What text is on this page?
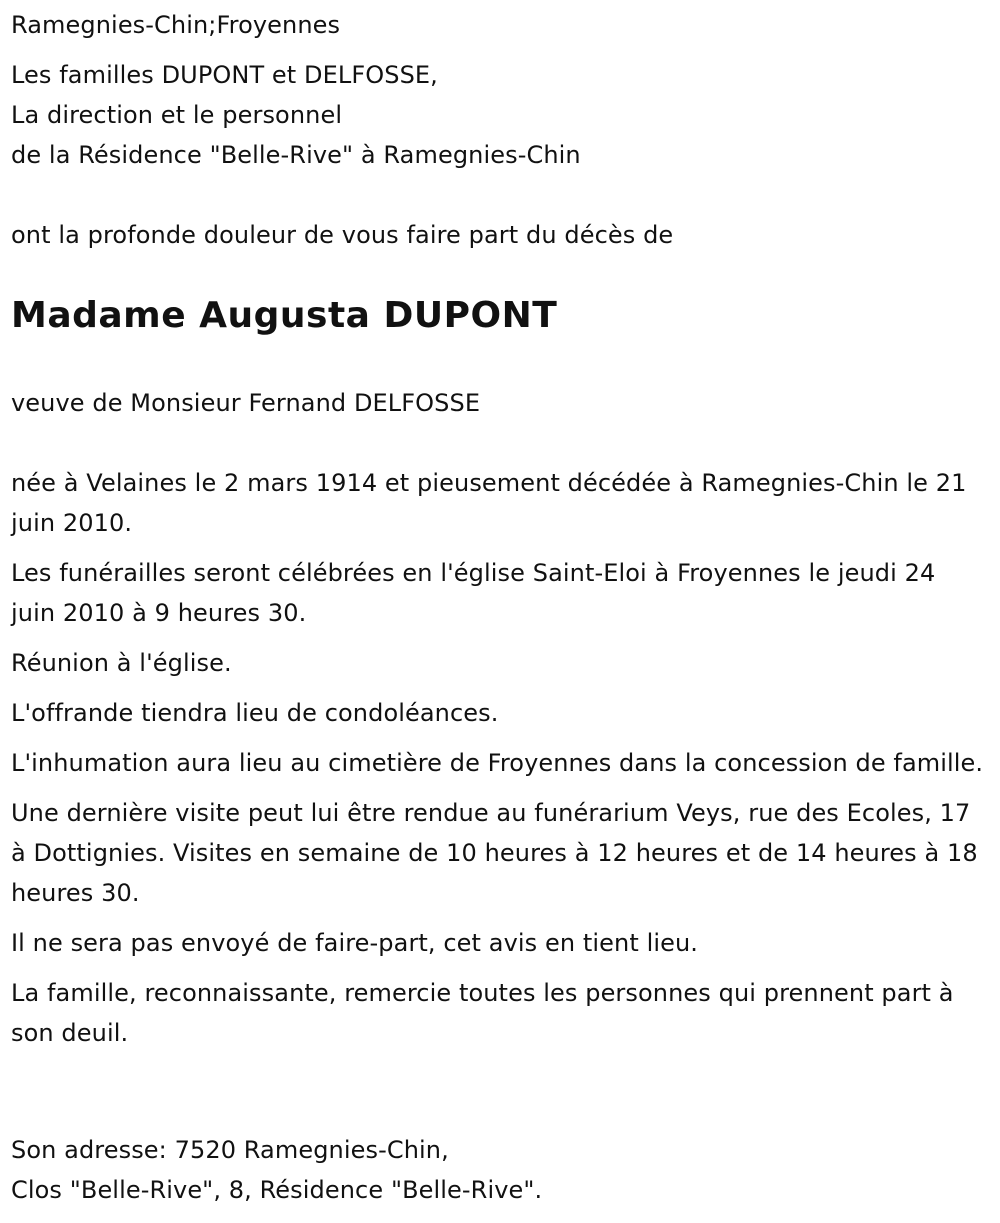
Ramegnies-Chin;Froyennes
Les familles DUPONT et DELFOSSE,
La direction et le personnel
de la Résidence "Belle-Rive" à Ramegnies-Chin
ont la profonde douleur de vous faire part du décès de
Madame Augusta DUPONT
veuve de Monsieur Fernand DELFOSSE

née à Velaines le 2 mars 1914 et pieusement décédée à Ramegnies-Chin le 21 juin 2010.

Les funérailles seront célébrées en l'église Saint-Eloi à Froyennes le jeudi 24 juin 2010 à 9 heures 30.

Réunion à l'église.

L'offrande tiendra lieu de condoléances.

L'inhumation aura lieu au cimetière de Froyennes dans la concession de famille.

Une dernière visite peut lui être rendue au funérarium Veys, rue des Ecoles, 17 à Dottignies. Visites en semaine de 10 heures à 12 heures et de 14 heures à 18 heures 30.

Il ne sera pas envoyé de faire-part, cet avis en tient lieu.

La famille, reconnaissante, remercie toutes les personnes qui prennent part à son deuil.

Son adresse: 7520 Ramegnies-Chin,
Clos "Belle-Rive", 8, Résidence "Belle-Rive".
